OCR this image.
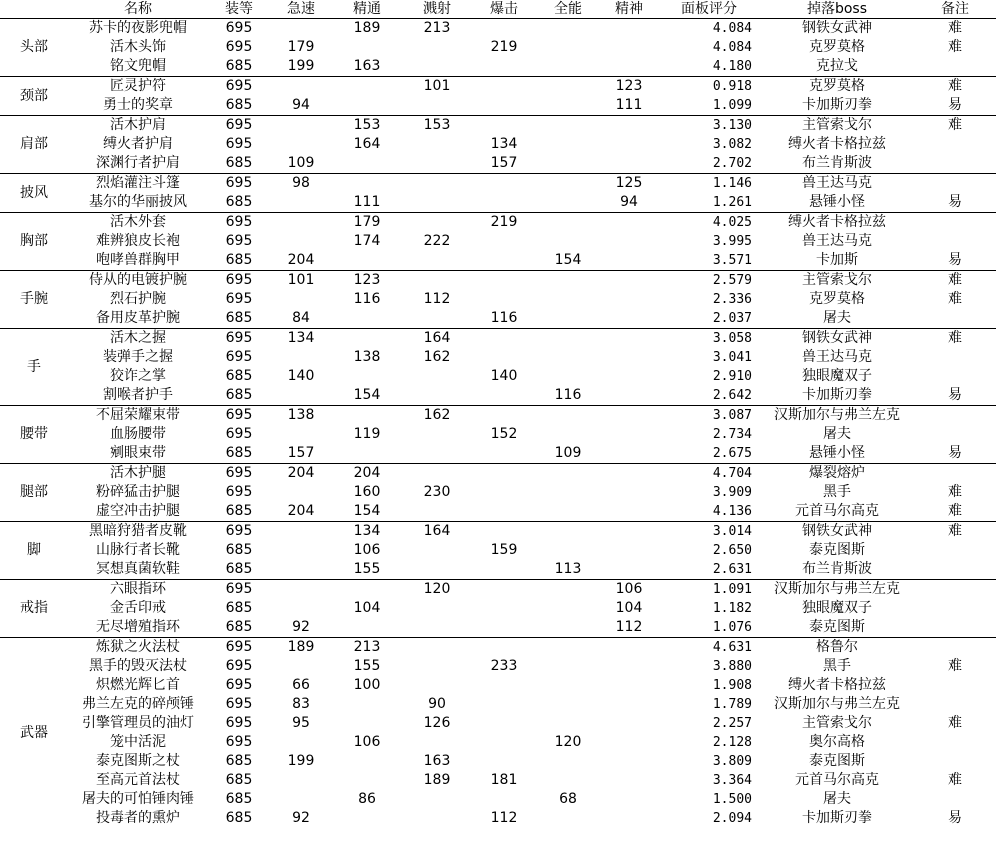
	名称	装等	急速	精通	溅射	爆击	全能	精神	面板评分	掉落boss	备注
头部	苏卡的夜影兜帽	695		189	213				4.084	钢铁女武神	难
	活木头饰	695	179			219			4.084	克罗莫格	难
	铭文兜帽	685	199	163					4.180	克拉戈	
颈部	匠灵护符	695			101			123	0.918	克罗莫格	难
	勇士的奖章	685	94					111	1.099	卡加斯刃拳	易
肩部	活木护肩	695		153	153				3.130	主管索戈尔	难
	缚火者护肩	695		164		134			3.082	缚火者卡格拉兹	
	深渊行者护肩	685	109			157			2.702	布兰肯斯波	
披风	烈焰灌注斗篷	695	98					125	1.146	兽王达马克	
	基尔的华丽披风	685		111				94	1.261	悬锤小怪	易
胸部	活木外套	695		179		219			4.025	缚火者卡格拉兹	
	难辨狼皮长袍	695		174	222				3.995	兽王达马克	
	咆哮兽群胸甲	685	204				154		3.571	卡加斯	易
手腕	侍从的电镀护腕	695	101	123					2.579	主管索戈尔	难
	烈石护腕	695		116	112				2.336	克罗莫格	难
	备用皮革护腕	685	84			116			2.037	屠夫	
手	活木之握	695	134		164				3.058	钢铁女武神	难
	装弹手之握	695		138	162				3.041	兽王达马克	
	狡诈之掌	685	140			140			2.910	独眼魔双子	
	割喉者护手	685		154			116		2.642	卡加斯刃拳	易
腰带	不屈荣耀束带	695	138		162				3.087	汉斯加尔与弗兰左克	
	血肠腰带	695		119		152			2.734	屠夫	
	剜眼束带	685	157				109		2.675	悬锤小怪	易
腿部	活木护腿	695	204	204					4.704	爆裂熔炉	
	粉碎猛击护腿	695		160	230				3.909	黑手	难
	虚空冲击护腿	685	204	154					4.136	元首马尔高克	难
脚	黑暗狩猎者皮靴	695		134	164				3.014	钢铁女武神	难
	山脉行者长靴	685		106		159			2.650	泰克图斯	
	冥想真菌软鞋	685		155			113		2.631	布兰肯斯波	
戒指	六眼指环	695			120			106	1.091	汉斯加尔与弗兰左克	
	金舌印戒	685		104				104	1.182	独眼魔双子	
	无尽增殖指环	685	92					112	1.076	泰克图斯	
武器	炼狱之火法杖	695	189	213					4.631	格鲁尔	
	黑手的毁灭法杖	695		155		233			3.880	黑手	难
	炽燃光辉匕首	695	66	100					1.908	缚火者卡格拉兹	
	弗兰左克的碎颅锤	695	83		90				1.789	汉斯加尔与弗兰左克	
	引擎管理员的油灯	695	95		126				2.257	主管索戈尔	难
	笼中活泥	695		106			120		2.128	奥尔高格	
	泰克图斯之杖	685	199		163				3.809	泰克图斯	
	至高元首法杖	685			189	181			3.364	元首马尔高克	难
	屠夫的可怕锤肉锤	685		86			68		1.500	屠夫	
	投毒者的熏炉	685	92			112			2.094	卡加斯刃拳	易
